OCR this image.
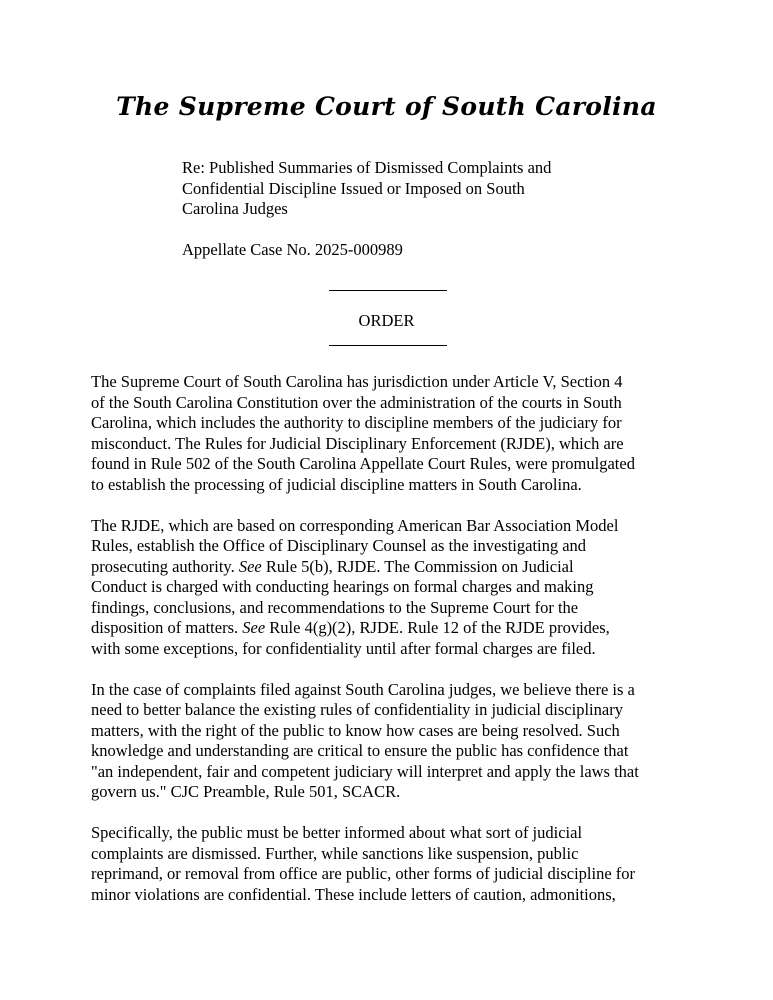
The Supreme Court of South Carolina

Re: Published Summaries of Dismissed Complaints and

Confidential Discipline Issued or Imposed on South

Carolina Judges

Appellate Case No. 2025-000989

ORDER

The Supreme Court of South Carolina has jurisdiction under Article V, Section 4
of the South Carolina Constitution over the administration of the courts in South
Carolina, which includes the authority to discipline members of the judiciary for
misconduct. The Rules for Judicial Disciplinary Enforcement (RJDE), which are
found in Rule 502 of the South Carolina Appellate Court Rules, were promulgated
to establish the processing of judicial discipline matters in South Carolina.

The RJDE, which are based on corresponding American Bar Association Model
Rules, establish the Office of Disciplinary Counsel as the investigating and
prosecuting authority. See Rule 5(b), RJDE. The Commission on Judicial
Conduct is charged with conducting hearings on formal charges and making
findings, conclusions, and recommendations to the Supreme Court for the
disposition of matters. See Rule 4(g)(2), RJDE. Rule 12 of the RJDE provides,
with some exceptions, for confidentiality until after formal charges are filed.

In the case of complaints filed against South Carolina judges, we believe there is a
need to better balance the existing rules of confidentiality in judicial disciplinary
matters, with the right of the public to know how cases are being resolved. Such
knowledge and understanding are critical to ensure the public has confidence that
"an independent, fair and competent judiciary will interpret and apply the laws that
govern us." CJC Preamble, Rule 501, SCACR.

Specifically, the public must be better informed about what sort of judicial
complaints are dismissed. Further, while sanctions like suspension, public
reprimand, or removal from office are public, other forms of judicial discipline for
minor violations are confidential. These include letters of caution, admonitions,
